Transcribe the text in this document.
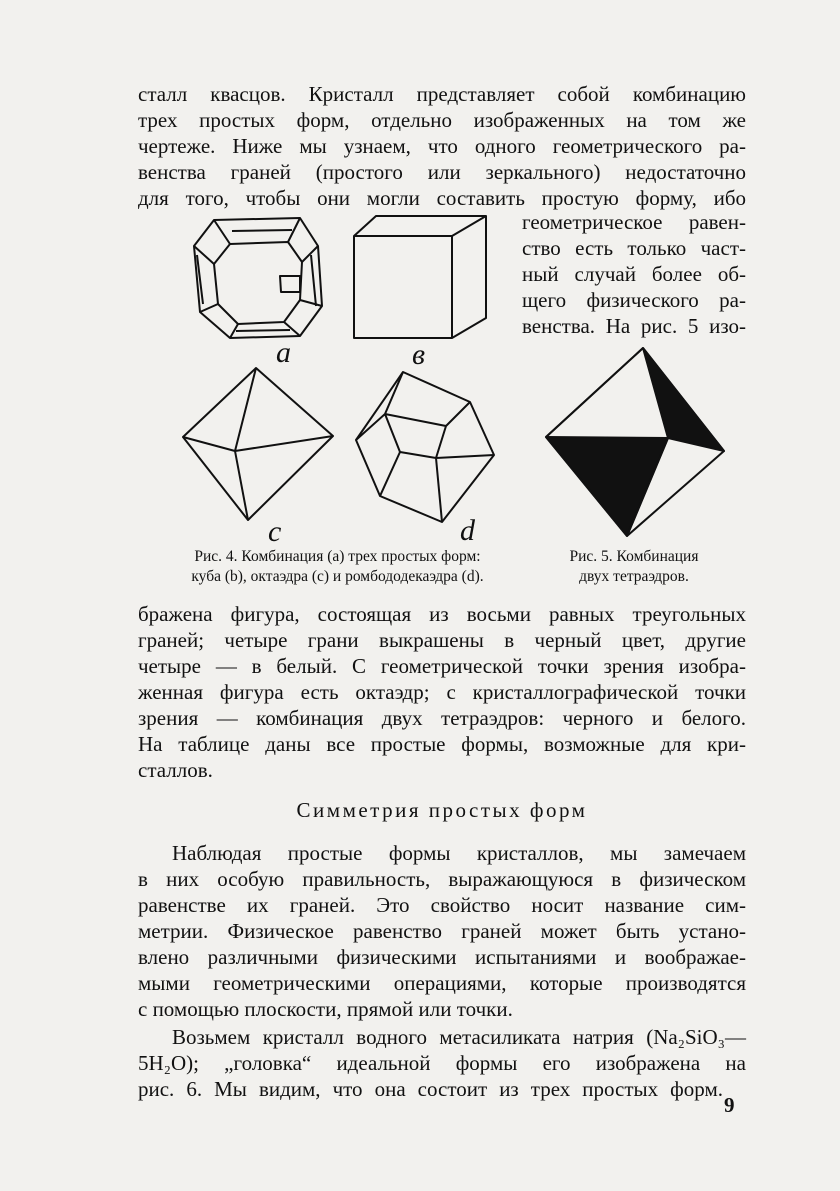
сталл квасцов. Кристалл представляет собой комбинацию

трех простых форм, отдельно изображенных на том же

чертеже. Ниже мы узнаем, что одного геометрического ра-

венства граней (простого или зеркального) недостаточно

для того, чтобы они могли составить простую форму, ибо

геометрическое равен-

ство есть только част-

ный случай более об-

щего физического ра-

венства. На рис. 5 изо-

a	в
c	d
Рис. 4. Комбинация (a) трех простых форм:
куба (b), октаэдра (c) и ромбододекаэдра (d).
Рис. 5. Комбинация
двух тетраэдров.

бражена фигура, состоящая из восьми равных треугольных

граней; четыре грани выкрашены в черный цвет, другие

четыре — в белый. С геометрической точки зрения изобра-

женная фигура есть октаэдр; с кристаллографической точки

зрения — комбинация двух тетраэдров: черного и белого.

На таблице даны все простые формы, возможные для кри-

сталлов.

Симметрия простых форм

Наблюдая простые формы кристаллов, мы замечаем

в них особую правильность, выражающуюся в физическом

равенстве их граней. Это свойство носит название сим-

метрии. Физическое равенство граней может быть устано-

влено различными физическими испытаниями и воображае-

мыми геометрическими операциями, которые производятся

с помощью плоскости, прямой или точки.

Возьмем кристалл водного метасиликата натрия (Na₂SiO₃—

5H₂O); „головка“ идеальной формы его изображена на

рис. 6. Мы видим, что она состоит из трех простых форм.

9
